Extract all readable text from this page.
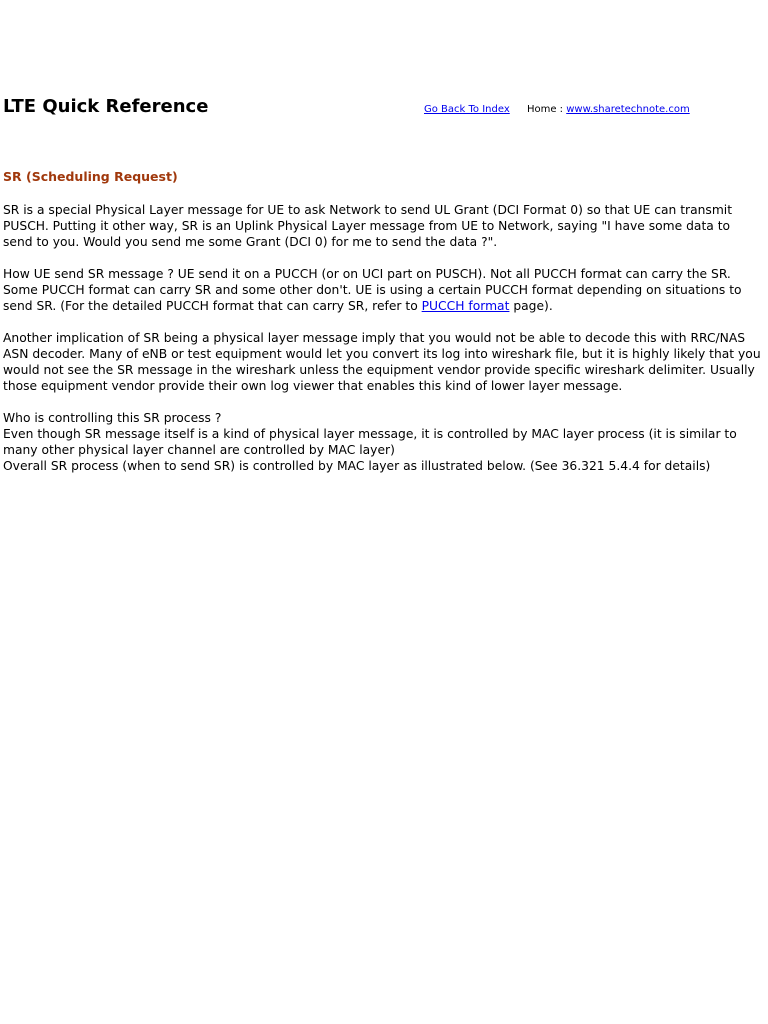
LTE Quick Reference	Go Back To Index Home : www.sharetechnote.com
SR (Scheduling Request)

SR is a special Physical Layer message for UE to ask Network to send UL Grant (DCI Format 0) so that UE can transmit PUSCH. Putting it other way, SR is an Uplink Physical Layer message from UE to Network, saying "I have some data to send to you. Would you send me some Grant (DCI 0) for me to send the data ?".

How UE send SR message ? UE send it on a PUCCH (or on UCI part on PUSCH). Not all PUCCH format can carry the SR. Some PUCCH format can carry SR and some other don't. UE is using a certain PUCCH format depending on situations to send SR. (For the detailed PUCCH format that can carry SR, refer to PUCCH format page).

Another implication of SR being a physical layer message imply that you would not be able to decode this with RRC/NAS ASN decoder. Many of eNB or test equipment would let you convert its log into wireshark file, but it is highly likely that you would not see the SR message in the wireshark unless the equipment vendor provide specific wireshark delimiter. Usually those equipment vendor provide their own log viewer that enables this kind of lower layer message.

Who is controlling this SR process ?

Even though SR message itself is a kind of physical layer message, it is controlled by MAC layer process (it is similar to many other physical layer channel are controlled by MAC layer)

Overall SR process (when to send SR) is controlled by MAC layer as illustrated below. (See 36.321 5.4.4 for details)
